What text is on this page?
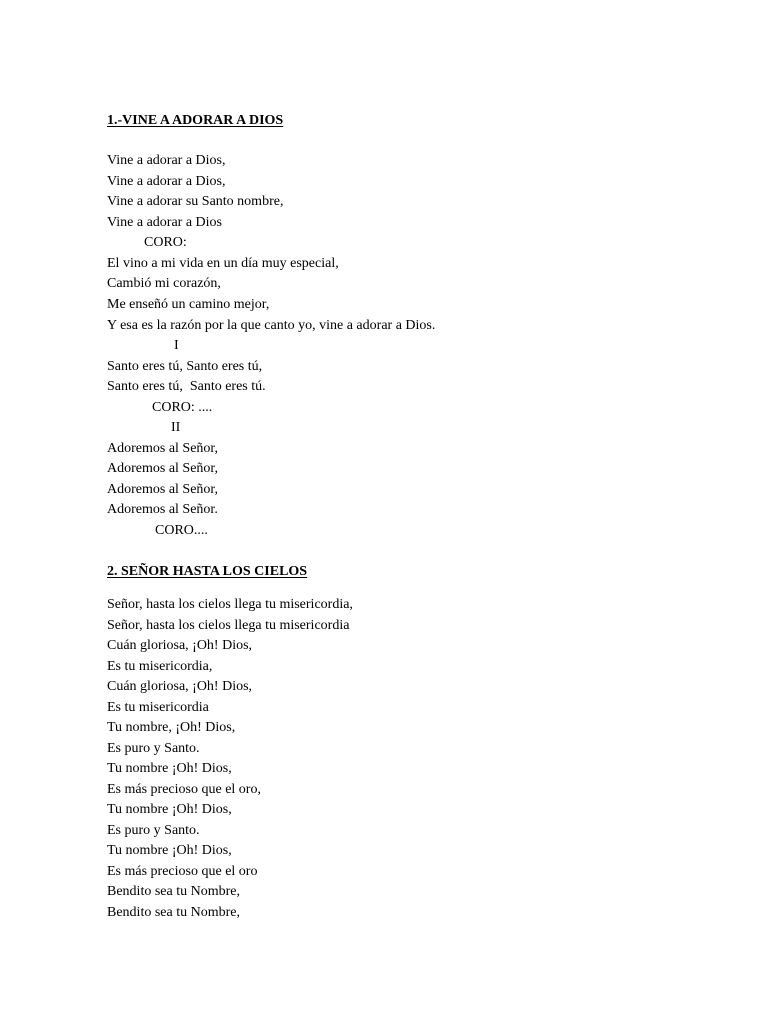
1.-VINE A ADORAR A DIOS
Vine a adorar a Dios,
Vine a adorar a Dios,
Vine a adorar su Santo nombre,
Vine a adorar a Dios
CORO:
El vino a mi vida en un día muy especial,
Cambió mi corazón,
Me enseñó un camino mejor,
Y esa es la razón por la que canto yo, vine a adorar a Dios.
I
Santo eres tú, Santo eres tú,
Santo eres tú,  Santo eres tú.
CORO: ....
II
Adoremos al Señor,
Adoremos al Señor,
Adoremos al Señor,
Adoremos al Señor.
CORO....
2. SEÑOR HASTA LOS CIELOS
Señor, hasta los cielos llega tu misericordia,
Señor, hasta los cielos llega tu misericordia
Cuán gloriosa, ¡Oh! Dios,
Es tu misericordia,
Cuán gloriosa, ¡Oh! Dios,
Es tu misericordia
Tu nombre, ¡Oh! Dios,
Es puro y Santo.
Tu nombre ¡Oh! Dios,
Es más precioso que el oro,
Tu nombre ¡Oh! Dios,
Es puro y Santo.
Tu nombre ¡Oh! Dios,
Es más precioso que el oro
Bendito sea tu Nombre,
Bendito sea tu Nombre,
